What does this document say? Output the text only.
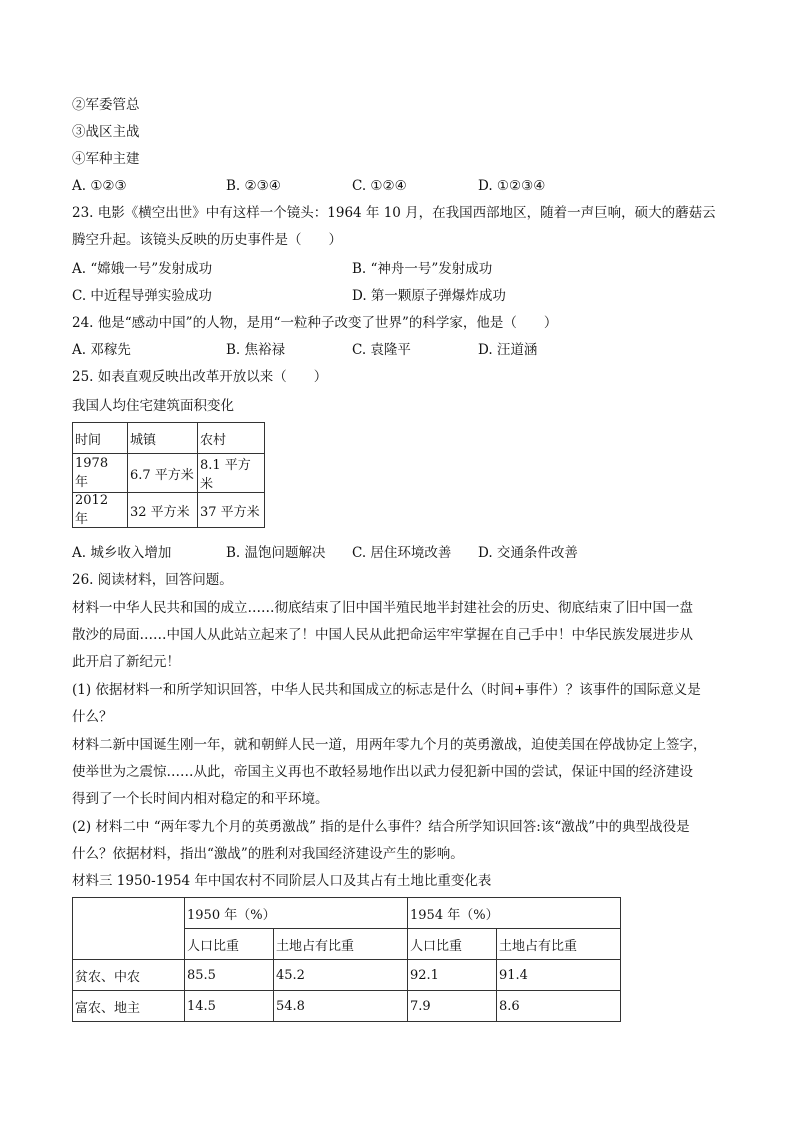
②军委管总
③战区主战
④军种主建
A. ①②③	B. ②③④	C. ①②④	D. ①②③④
23. 电影《横空出世》中有这样一个镜头：1964 年 10 月，在我国西部地区，随着一声巨响，硕大的蘑菇云
腾空升起。该镜头反映的历史事件是（　　）
A. “嫦娥一号”发射成功	B. “神舟一号”发射成功
C. 中近程导弹实验成功	D. 第一颗原子弹爆炸成功
24. 他是“感动中国”的人物，是用“一粒种子改变了世界”的科学家，他是（　　）
A. 邓稼先	B. 焦裕禄	C. 袁隆平	D. 汪道涵
25. 如表直观反映出改革开放以来（　　）
我国人均住宅建筑面积变化
时间	城镇	农村
1978 年	6.7 平方米	8.1 平方米
2012 年	32 平方米	37 平方米
A. 城乡收入增加	B. 温饱问题解决 C. 居住环境改善 D. 交通条件改善
26. 阅读材料，回答问题。
材料一中华人民共和国的成立……彻底结束了旧中国半殖民地半封建社会的历史、彻底结束了旧中国一盘
散沙的局面……中国人从此站立起来了！中国人民从此把命运牢牢掌握在自己手中！中华民族发展进步从
此开启了新纪元！
(1) 依据材料一和所学知识回答，中华人民共和国成立的标志是什么（时间+事件）？该事件的国际意义是
什么？
材料二新中国诞生刚一年，就和朝鲜人民一道，用两年零九个月的英勇激战，迫使美国在停战协定上签字，
使举世为之震惊……从此，帝国主义再也不敢轻易地作出以武力侵犯新中国的尝试，保证中国的经济建设
得到了一个长时间内相对稳定的和平环境。
(2) 材料二中 “两年零九个月的英勇激战” 指的是什么事件？结合所学知识回答:该“激战”中的典型战役是
什么？依据材料，指出“激战”的胜利对我国经济建设产生的影响。
材料三 1950-1954 年中国农村不同阶层人口及其占有土地比重变化表
	1950 年（%）		1954 年（%）	
	人口比重	土地占有比重	人口比重	土地占有比重
贫农、中农	85.5	45.2	92.1	91.4
富农、地主	14.5	54.8	7.9	8.6
